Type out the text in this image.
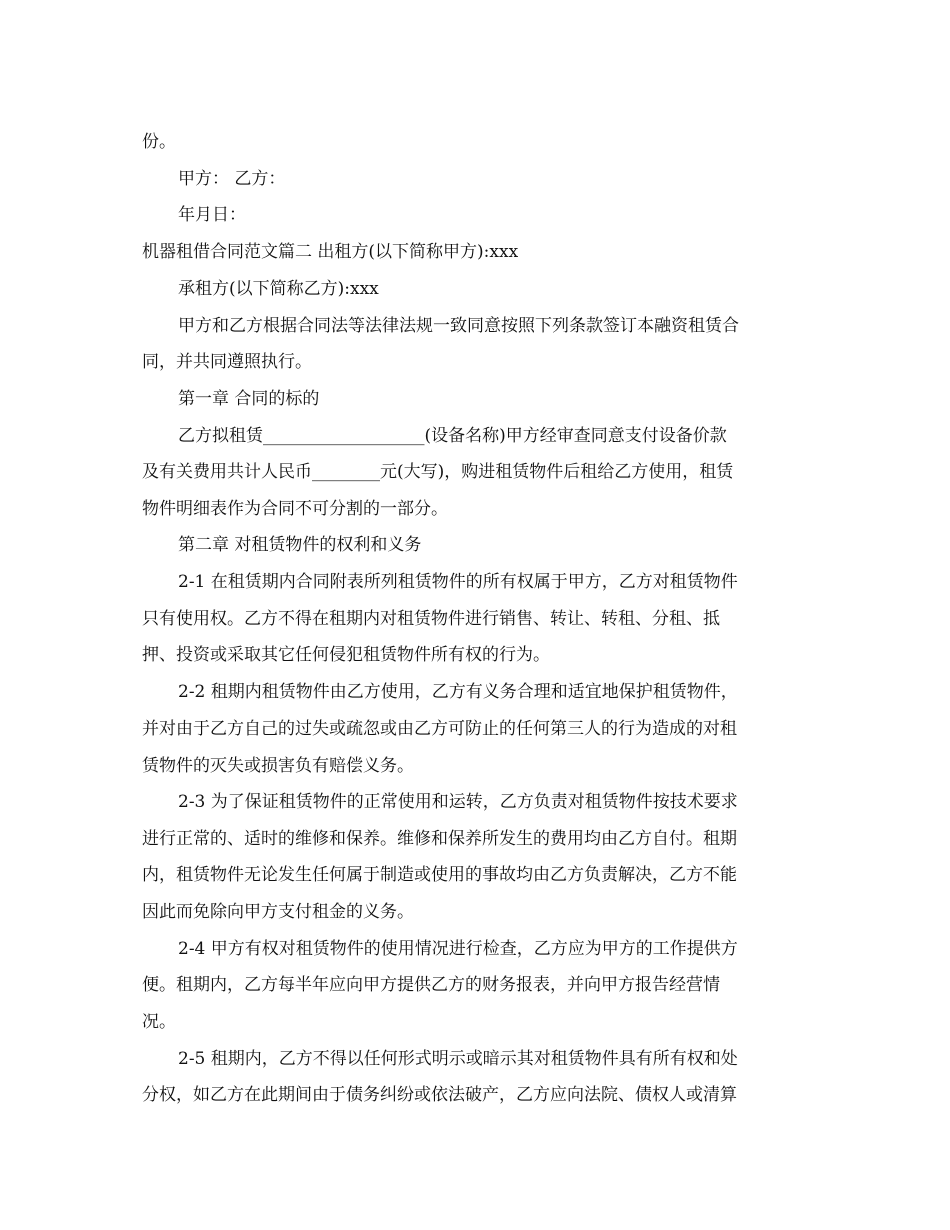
份。
甲方： 乙方：
年月日：
机器租借合同范文篇二 出租方(以下简称甲方):xxx
承租方(以下简称乙方):xxx
甲方和乙方根据合同法等法律法规一致同意按照下列条款签订本融资租赁合
同，并共同遵照执行。
第一章 合同的标的
乙方拟租赁___________________(设备名称)甲方经审查同意支付设备价款
及有关费用共计人民币________元(大写)，购进租赁物件后租给乙方使用，租赁
物件明细表作为合同不可分割的一部分。
第二章 对租赁物件的权利和义务
2-1 在租赁期内合同附表所列租赁物件的所有权属于甲方，乙方对租赁物件
只有使用权。乙方不得在租期内对租赁物件进行销售、转让、转租、分租、抵
押、投资或采取其它任何侵犯租赁物件所有权的行为。
2-2 租期内租赁物件由乙方使用，乙方有义务合理和适宜地保护租赁物件，
并对由于乙方自己的过失或疏忽或由乙方可防止的任何第三人的行为造成的对租
赁物件的灭失或损害负有赔偿义务。
2-3 为了保证租赁物件的正常使用和运转，乙方负责对租赁物件按技术要求
进行正常的、适时的维修和保养。维修和保养所发生的费用均由乙方自付。租期
内，租赁物件无论发生任何属于制造或使用的事故均由乙方负责解决，乙方不能
因此而免除向甲方支付租金的义务。
2-4 甲方有权对租赁物件的使用情况进行检查，乙方应为甲方的工作提供方
便。租期内，乙方每半年应向甲方提供乙方的财务报表，并向甲方报告经营情
况。
2-5 租期内，乙方不得以任何形式明示或暗示其对租赁物件具有所有权和处
分权，如乙方在此期间由于债务纠纷或依法破产，乙方应向法院、债权人或清算
